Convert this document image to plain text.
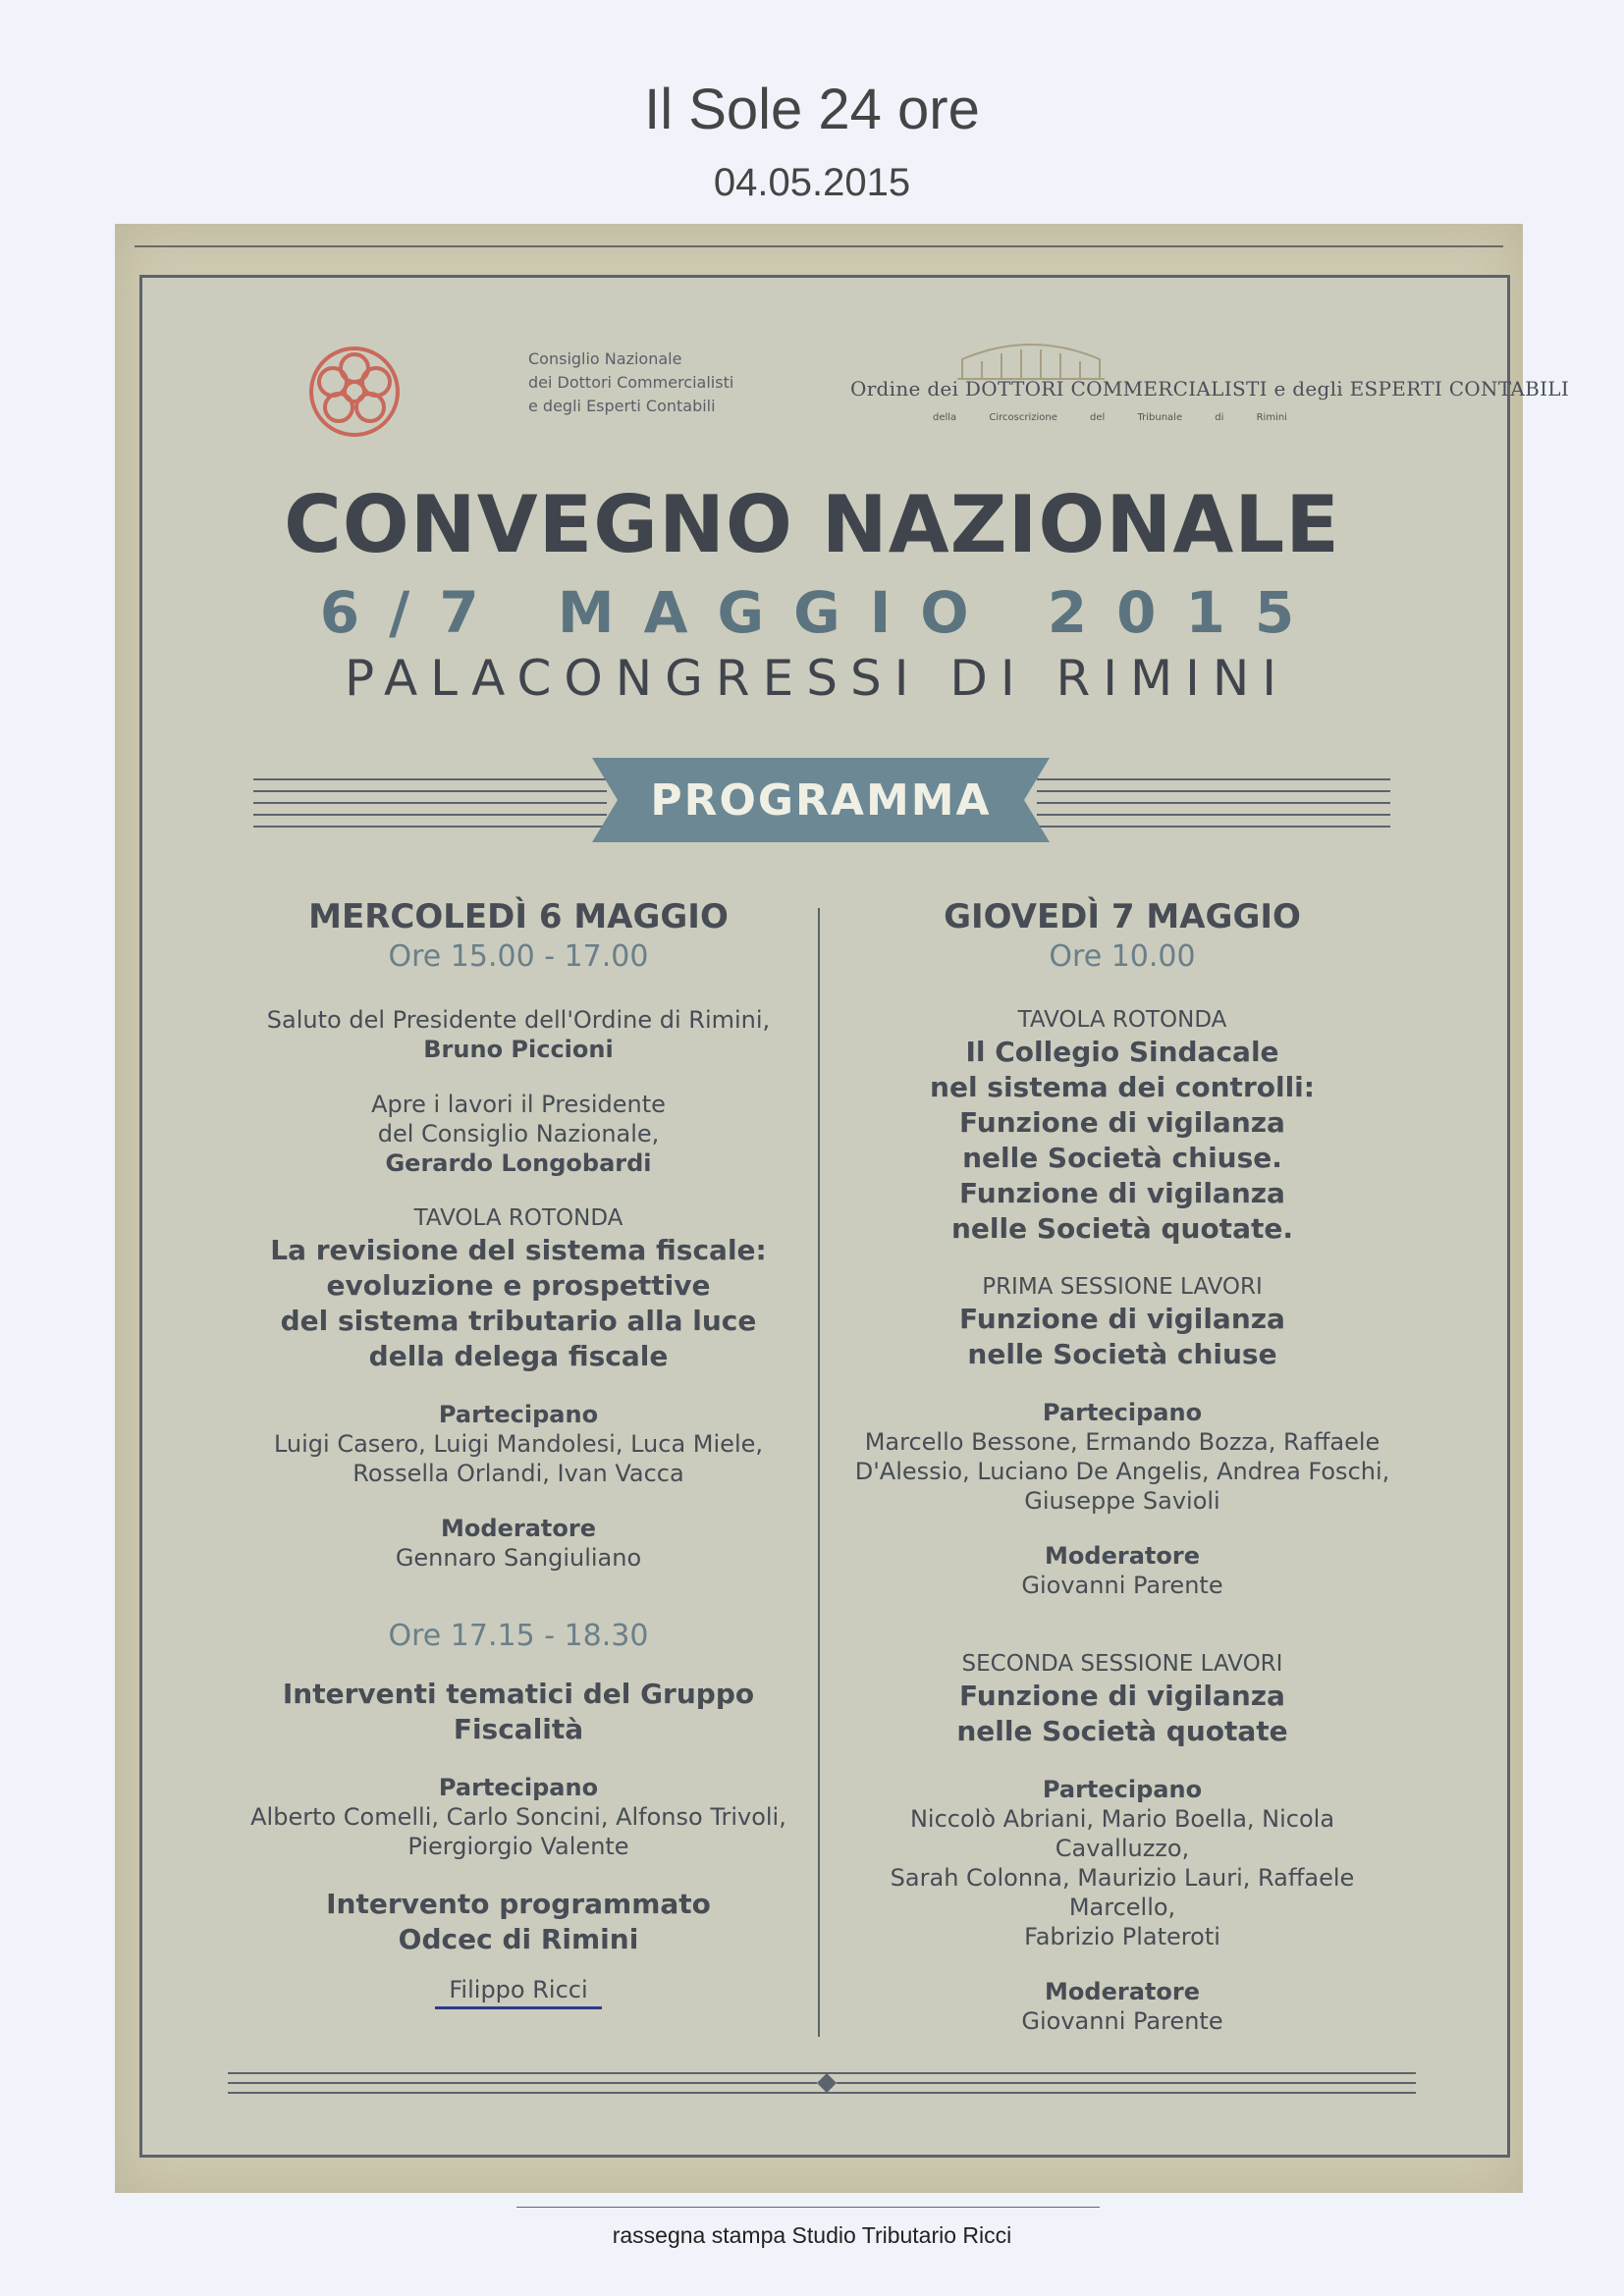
Il Sole 24 ore
04.05.2015
Consiglio Nazionale
dei Dottori Commercialisti
e degli Esperti Contabili
Ordine dei DOTTORI COMMERCIALISTI e degli ESPERTI CONTABILI
della Circoscrizione del Tribunale di Rimini
CONVEGNO NAZIONALE
6/7 MAGGIO 2015
PALACONGRESSI DI RIMINI
PROGRAMMA
MERCOLEDÌ 6 MAGGIO
Ore 15.00 - 17.00
Saluto del Presidente dell'Ordine di Rimini,
Bruno Piccioni
Apre i lavori il Presidente
del Consiglio Nazionale,
Gerardo Longobardi
TAVOLA ROTONDA
La revisione del sistema fiscale:
evoluzione e prospettive
del sistema tributario alla luce
della delega fiscale
Partecipano
Luigi Casero, Luigi Mandolesi, Luca Miele,
Rossella Orlandi, Ivan Vacca
Moderatore
Gennaro Sangiuliano
Ore 17.15 - 18.30
Interventi tematici del Gruppo Fiscalità
Partecipano
Alberto Comelli, Carlo Soncini, Alfonso Trivoli,
Piergiorgio Valente
Intervento programmato
Odcec di Rimini
Filippo Ricci
GIOVEDÌ 7 MAGGIO
Ore 10.00
TAVOLA ROTONDA
Il Collegio Sindacale
nel sistema dei controlli:
Funzione di vigilanza
nelle Società chiuse.
Funzione di vigilanza
nelle Società quotate.
PRIMA SESSIONE LAVORI
Funzione di vigilanza
nelle Società chiuse
Partecipano
Marcello Bessone, Ermando Bozza, Raffaele
D'Alessio, Luciano De Angelis, Andrea Foschi,
Giuseppe Savioli
Moderatore
Giovanni Parente
SECONDA SESSIONE LAVORI
Funzione di vigilanza
nelle Società quotate
Partecipano
Niccolò Abriani, Mario Boella, Nicola Cavalluzzo,
Sarah Colonna, Maurizio Lauri, Raffaele Marcello,
Fabrizio Plateroti
Moderatore
Giovanni Parente
rassegna stampa Studio Tributario Ricci
